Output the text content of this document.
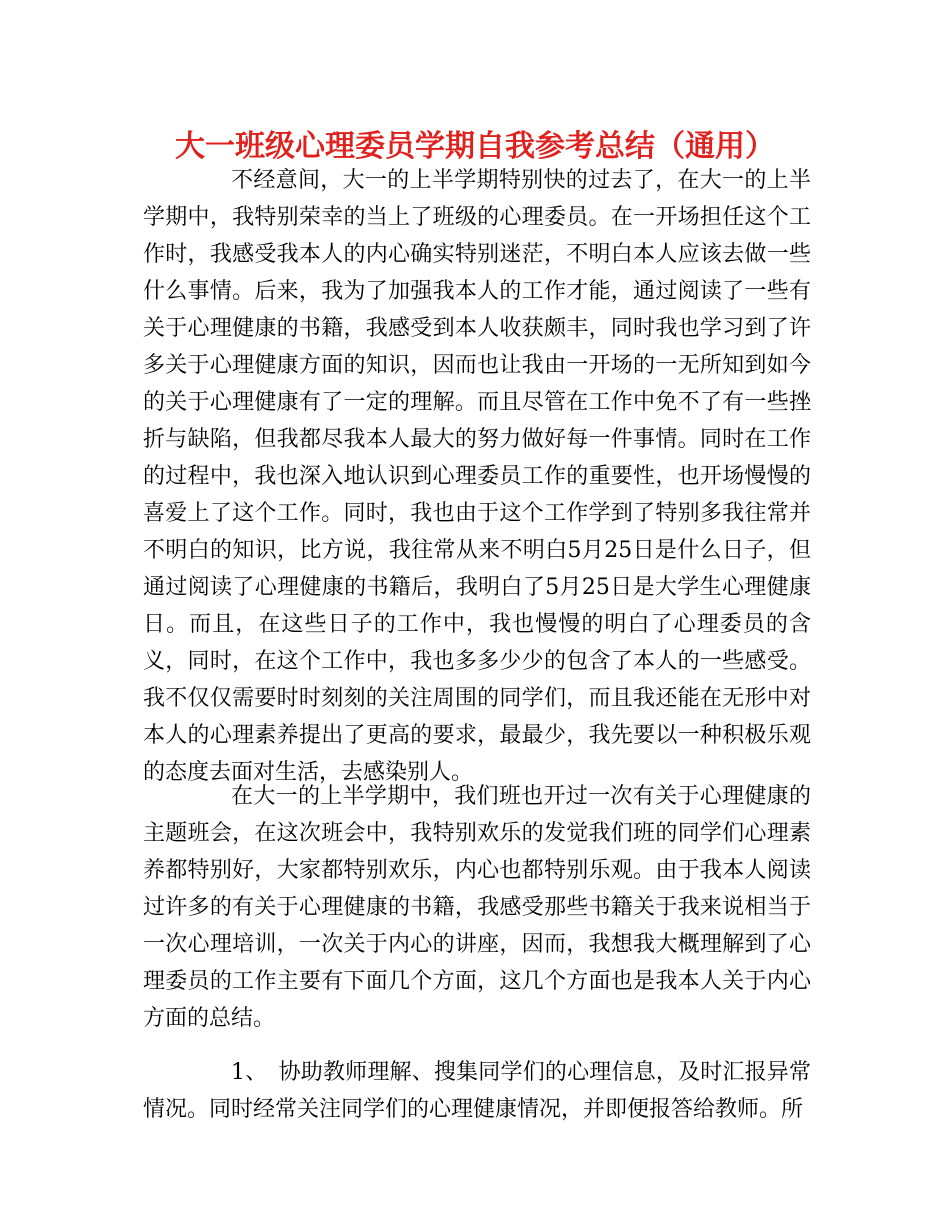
大一班级心理委员学期自我参考总结（通用）

不经意间，大一的上半学期特别快的过去了，在大一的上半学期中，我特别荣幸的当上了班级的心理委员。在一开场担任这个工作时，我感受我本人的内心确实特别迷茫，不明白本人应该去做一些什么事情。后来，我为了加强我本人的工作才能，通过阅读了一些有关于心理健康的书籍，我感受到本人收获颇丰，同时我也学习到了许多关于心理健康方面的知识，因而也让我由一开场的一无所知到如今的关于心理健康有了一定的理解。而且尽管在工作中免不了有一些挫折与缺陷，但我都尽我本人最大的努力做好每一件事情。同时在工作的过程中，我也深入地认识到心理委员工作的重要性，也开场慢慢的喜爱上了这个工作。同时，我也由于这个工作学到了特别多我往常并不明白的知识，比方说，我往常从来不明白5月25日是什么日子，但通过阅读了心理健康的书籍后，我明白了5月25日是大学生心理健康日。而且，在这些日子的工作中，我也慢慢的明白了心理委员的含义，同时，在这个工作中，我也多多少少的包含了本人的一些感受。我不仅仅需要时时刻刻的关注周围的同学们，而且我还能在无形中对本人的心理素养提出了更高的要求，最最少，我先要以一种积极乐观的态度去面对生活，去感染别人。

在大一的上半学期中，我们班也开过一次有关于心理健康的主题班会，在这次班会中，我特别欢乐的发觉我们班的同学们心理素养都特别好，大家都特别欢乐，内心也都特别乐观。由于我本人阅读过许多的有关于心理健康的书籍，我感受那些书籍关于我来说相当于一次心理培训，一次关于内心的讲座，因而，我想我大概理解到了心理委员的工作主要有下面几个方面，这几个方面也是我本人关于内心方面的总结。

1、　协助教师理解、搜集同学们的心理信息，及时汇报异常情况。同时经常关注同学们的心理健康情况，并即便报答给教师。所
